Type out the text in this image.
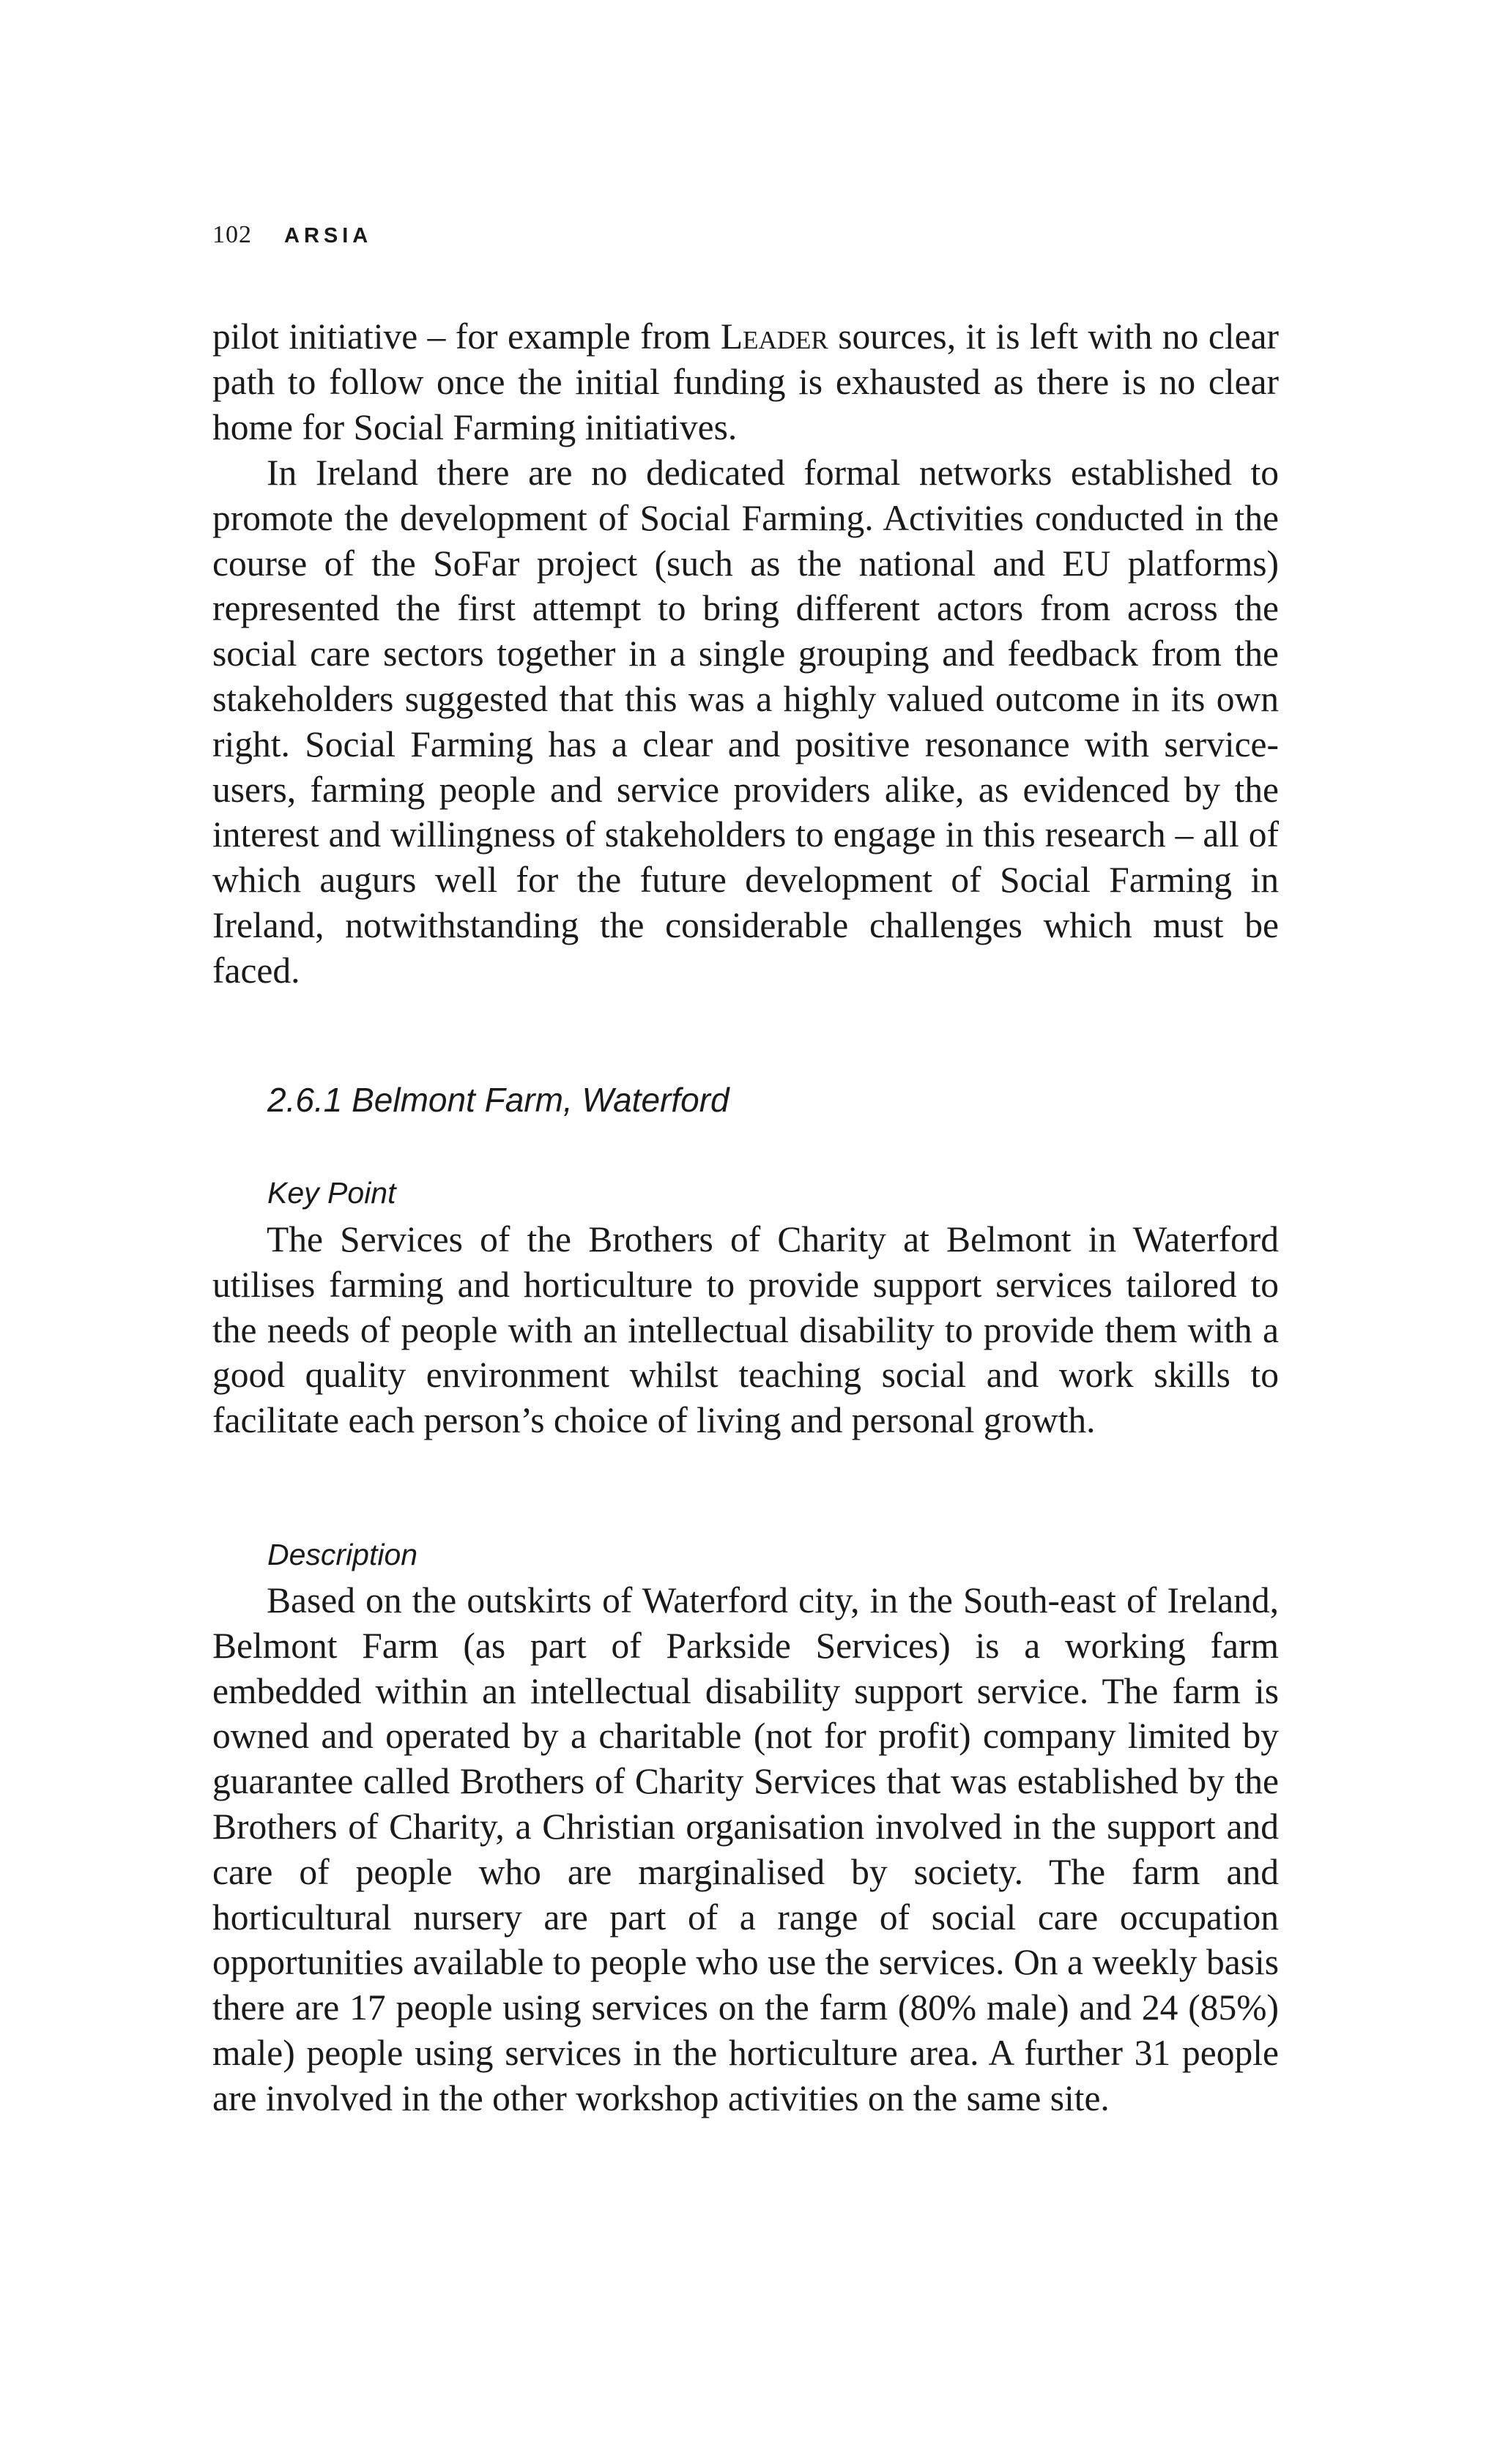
102 ARSIA

pilot initiative – for example from Leader sources, it is left with no clear path to follow once the initial funding is exhausted as there is no clear home for Social Farming initiatives.

In Ireland there are no dedicated formal networks established to promote the development of Social Farming. Activities conducted in the course of the SoFar project (such as the national and EU platforms) represented the first attempt to bring different actors from across the social care sectors together in a single grouping and feedback from the stakeholders suggested that this was a highly valued outcome in its own right. Social Farming has a clear and positive resonance with service-users, farming people and service providers alike, as evidenced by the interest and willingness of stakeholders to engage in this research – all of which augurs well for the future development of Social Farming in Ireland, notwithstanding the considerable challenges which must be faced.

2.6.1 Belmont Farm, Waterford
Key Point

The Services of the Brothers of Charity at Belmont in Waterford utilises farming and horticulture to provide support services tailored to the needs of people with an intellectual disability to provide them with a good quality environment whilst teaching social and work skills to facilitate each person’s choice of living and personal growth.

Description

Based on the outskirts of Waterford city, in the South-east of Ireland, Belmont Farm (as part of Parkside Services) is a working farm embedded within an intellectual disability support service. The farm is owned and operated by a charitable (not for profit) company limited by guarantee called Brothers of Charity Services that was established by the Brothers of Charity, a Christian organisation involved in the support and care of people who are marginalised by society. The farm and horticultural nursery are part of a range of social care occupation opportunities available to people who use the services. On a weekly basis there are 17 people using services on the farm (80% male) and 24 (85%) male) people using services in the horticulture area. A further 31 people are involved in the other workshop activities on the same site.
